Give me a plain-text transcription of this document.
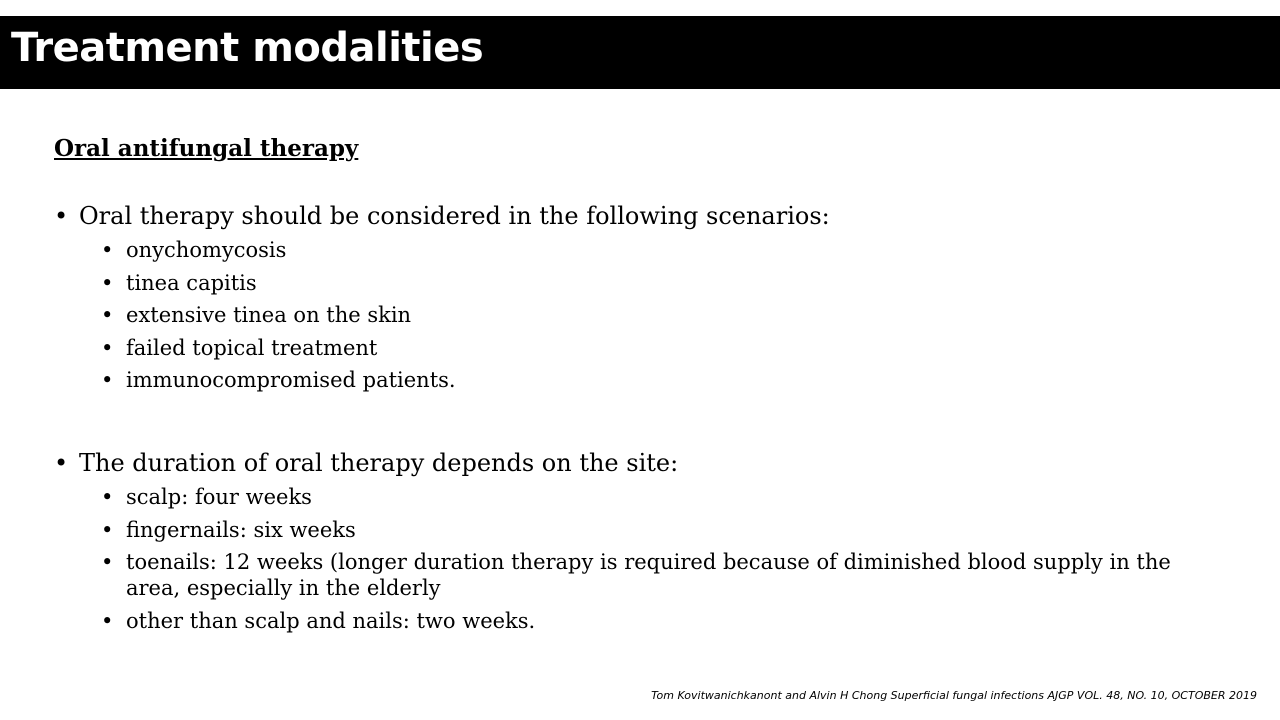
Treatment modalities
Oral antifungal therapy
• Oral therapy should be considered in the following scenarios:
• onychomycosis
• tinea capitis
• extensive tinea on the skin
• failed topical treatment
• immunocompromised patients.
• The duration of oral therapy depends on the site:
• scalp: four weeks
• fingernails: six weeks
• toenails: 12 weeks (longer duration therapy is required because of diminished blood supply in the area, especially in the elderly
• other than scalp and nails: two weeks.
Tom Kovitwanichkanont and Alvin H Chong Superficial fungal infections AJGP VOL. 48, NO. 10, OCTOBER 2019
